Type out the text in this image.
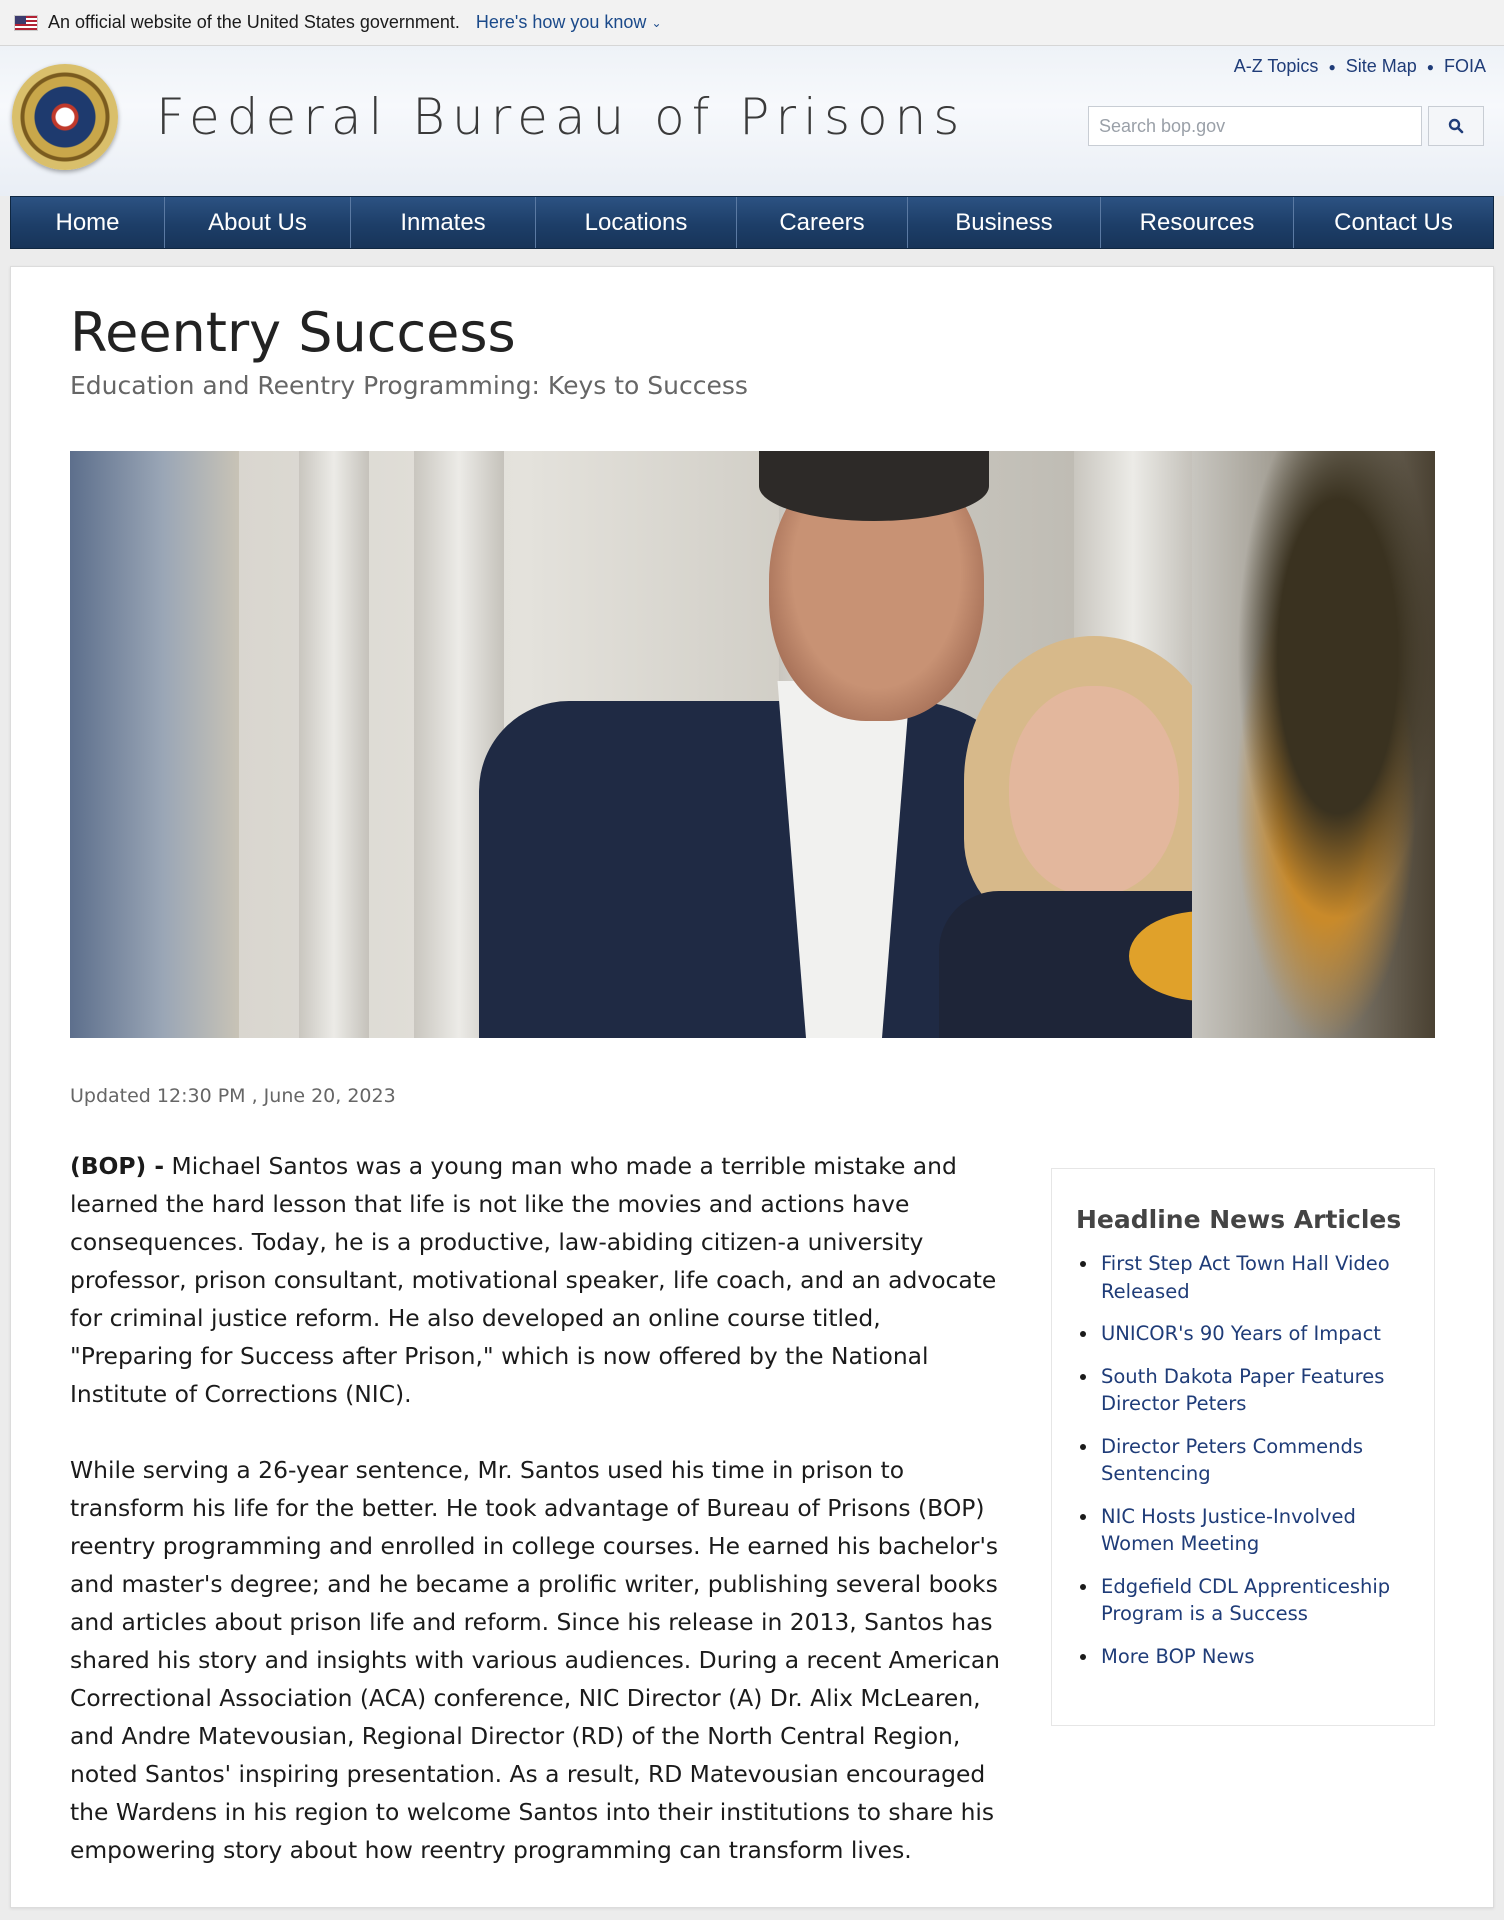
An official website of the United States government. Here's how you know ⌄
Federal Bureau of Prisons
A-Z Topics ● Site Map ● FOIA
Search bop.gov
Home	About Us	Inmates	Locations	Careers	Business	Resources	Contact Us
Reentry Success
Education and Reentry Programming: Keys to Success
Updated 12:30 PM , June 20, 2023

(BOP) - Michael Santos was a young man who made a terrible mistake and learned the hard lesson that life is not like the movies and actions have consequences. Today, he is a productive, law-abiding citizen-a university professor, prison consultant, motivational speaker, life coach, and an advocate for criminal justice reform. He also developed an online course titled, "Preparing for Success after Prison," which is now offered by the National Institute of Corrections (NIC).

While serving a 26-year sentence, Mr. Santos used his time in prison to transform his life for the better. He took advantage of Bureau of Prisons (BOP) reentry programming and enrolled in college courses. He earned his bachelor's and master's degree; and he became a prolific writer, publishing several books and articles about prison life and reform. Since his release in 2013, Santos has shared his story and insights with various audiences. During a recent American Correctional Association (ACA) conference, NIC Director (A) Dr. Alix McLearen, and Andre Matevousian, Regional Director (RD) of the North Central Region, noted Santos' inspiring presentation. As a result, RD Matevousian encouraged the Wardens in his region to welcome Santos into their institutions to share his empowering story about how reentry programming can transform lives.

Headline News Articles
First Step Act Town Hall Video Released
UNICOR's 90 Years of Impact
South Dakota Paper Features Director Peters
Director Peters Commends Sentencing
NIC Hosts Justice-Involved Women Meeting
Edgefield CDL Apprenticeship Program is a Success
More BOP News
